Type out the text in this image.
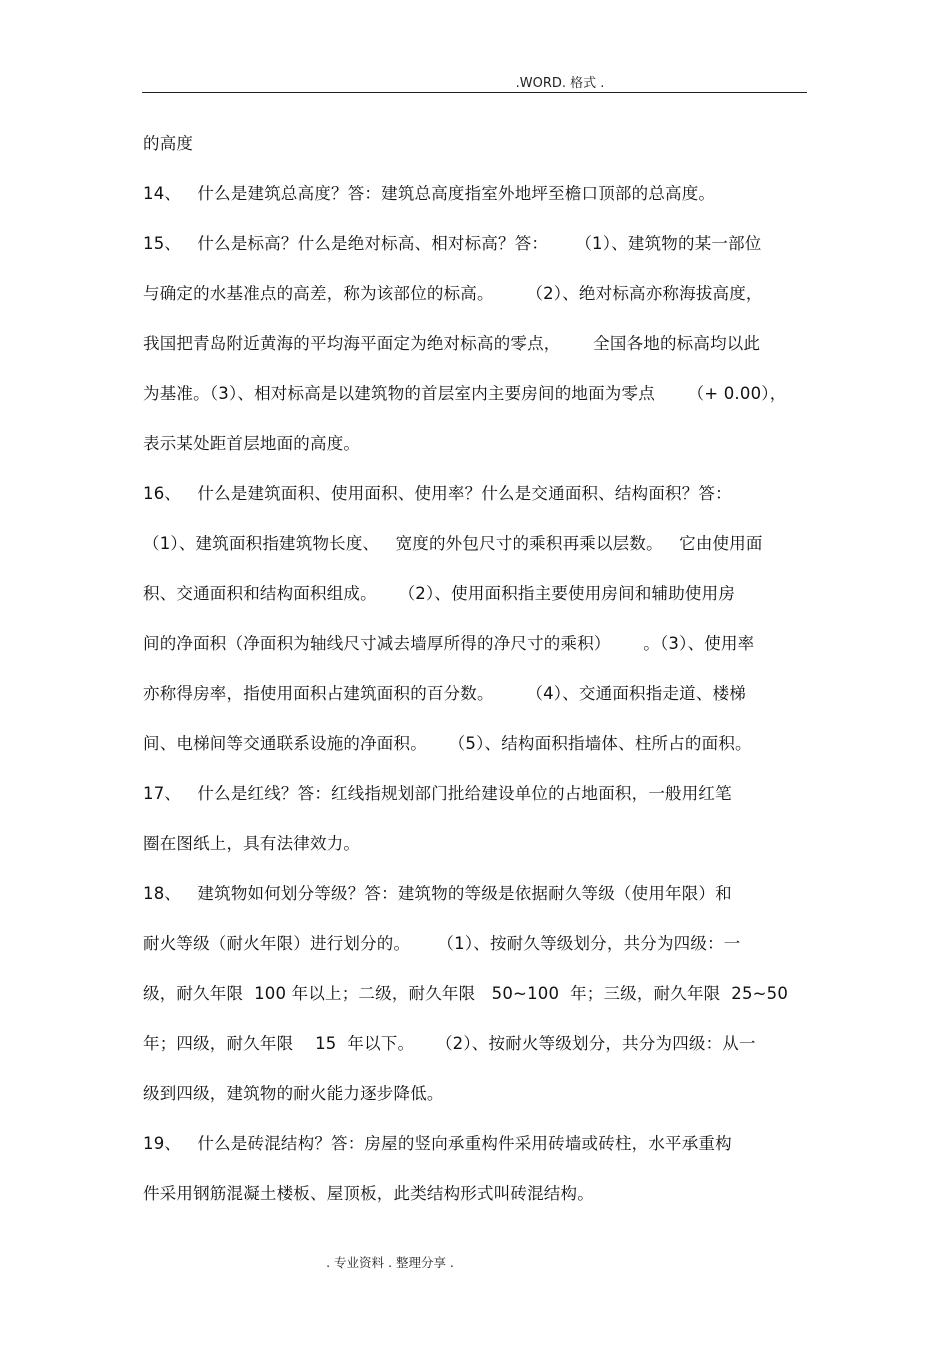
.WORD. 格式 .
的高度
14、   什么是建筑总高度？答：建筑总高度指室外地坪至檐口顶部的总高度。
15、   什么是标高？什么是绝对标高、相对标高？答：     （1）、建筑物的某一部位
与确定的水基准点的高差，称为该部位的标高。      （2）、绝对标高亦称海拔高度，
我国把青岛附近黄海的平均海平面定为绝对标高的零点，      全国各地的标高均以此
为基准。（3）、相对标高是以建筑物的首层室内主要房间的地面为零点      （+ 0.00），
表示某处距首层地面的高度。
16、   什么是建筑面积、使用面积、使用率？什么是交通面积、结构面积？答：
（1）、建筑面积指建筑物长度、   宽度的外包尺寸的乘积再乘以层数。   它由使用面
积、交通面积和结构面积组成。    （2）、使用面积指主要使用房间和辅助使用房
间的净面积（净面积为轴线尺寸减去墙厚所得的净尺寸的乘积）      。（3）、使用率
亦称得房率，指使用面积占建筑面积的百分数。      （4）、交通面积指走道、楼梯
间、电梯间等交通联系设施的净面积。    （5）、结构面积指墙体、柱所占的面积。
17、   什么是红线？答：红线指规划部门批给建设单位的占地面积，一般用红笔
圈在图纸上，具有法律效力。
18、   建筑物如何划分等级？答：建筑物的等级是依据耐久等级（使用年限）和
耐火等级（耐火年限）进行划分的。     （1）、按耐久等级划分，共分为四级：一
级，耐久年限  100 年以上；二级，耐久年限   50~100  年；三级，耐久年限  25~50
年；四级，耐久年限    15  年以下。    （2）、按耐火等级划分，共分为四级：从一
级到四级，建筑物的耐火能力逐步降低。
19、   什么是砖混结构？答：房屋的竖向承重构件采用砖墙或砖柱，水平承重构
件采用钢筋混凝土楼板、屋顶板，此类结构形式叫砖混结构。
. 专业资料 . 整理分享 .
